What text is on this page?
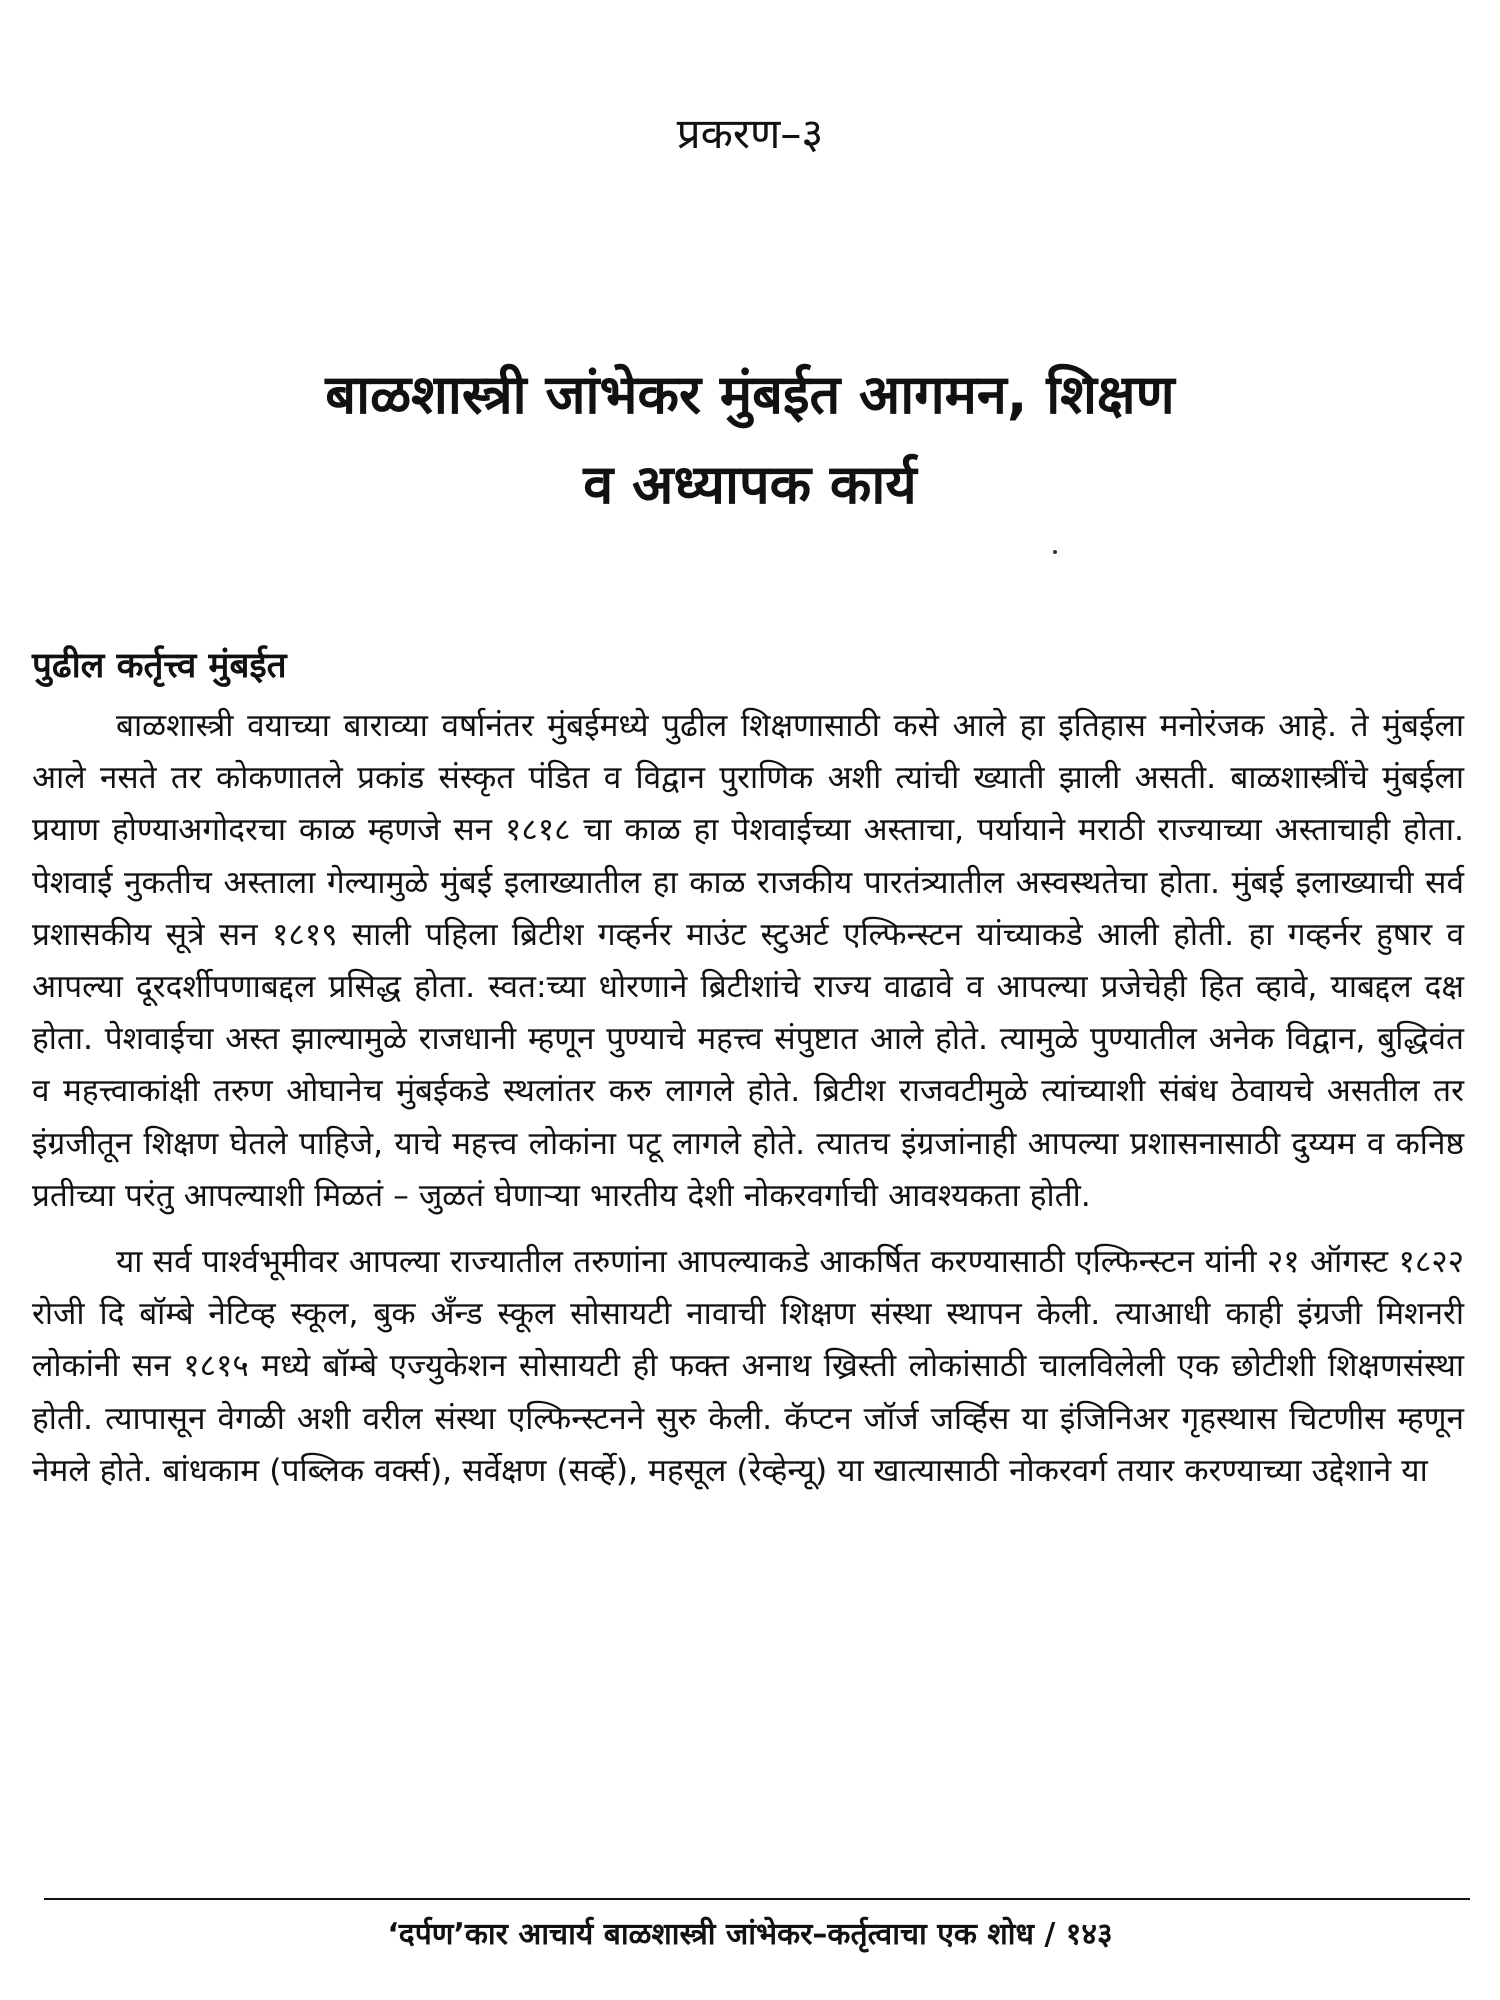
प्रकरण–३
बाळशास्त्री जांभेकर मुंबईत आगमन, शिक्षण
व अध्यापक कार्य
पुढील कर्तृत्त्व मुंबईत

बाळशास्त्री वयाच्या बाराव्या वर्षानंतर मुंबईमध्ये पुढील शिक्षणासाठी कसे आले हा इतिहास मनोरंजक आहे. ते मुंबईला आले नसते तर कोकणातले प्रकांड संस्कृत पंडित व विद्वान पुराणिक अशी त्यांची ख्याती झाली असती. बाळशास्त्रींचे मुंबईला प्रयाण होण्याअगोदरचा काळ म्हणजे सन १८१८ चा काळ हा पेशवाईच्या अस्ताचा, पर्यायाने मराठी राज्याच्या अस्ताचाही होता. पेशवाई नुकतीच अस्ताला गेल्यामुळे मुंबई इलाख्यातील हा काळ राजकीय पारतंत्र्यातील अस्वस्थतेचा होता. मुंबई इलाख्याची सर्व प्रशासकीय सूत्रे सन १८१९ साली पहिला ब्रिटीश गव्हर्नर माउंट स्टुअर्ट एल्फिन्स्टन यांच्याकडे आली होती. हा गव्हर्नर हुषार व आपल्या दूरदर्शीपणाबद्दल प्रसिद्ध होता. स्वत:च्या धोरणाने ब्रिटीशांचे राज्य वाढावे व आपल्या प्रजेचेही हित व्हावे, याबद्दल दक्ष होता. पेशवाईचा अस्त झाल्यामुळे राजधानी म्हणून पुण्याचे महत्त्व संपुष्टात आले होते. त्यामुळे पुण्यातील अनेक विद्वान, बुद्धिवंत व महत्त्वाकांक्षी तरुण ओघानेच मुंबईकडे स्थलांतर करु लागले होते. ब्रिटीश राजवटीमुळे त्यांच्याशी संबंध ठेवायचे असतील तर इंग्रजीतून शिक्षण घेतले पाहिजे, याचे महत्त्व लोकांना पटू लागले होते. त्यातच इंग्रजांनाही आपल्या प्रशासनासाठी दुय्यम व कनिष्ठ प्रतीच्या परंतु आपल्याशी मिळतं – जुळतं घेणाऱ्या भारतीय देशी नोकरवर्गाची आवश्यकता होती.

या सर्व पार्श्वभूमीवर आपल्या राज्यातील तरुणांना आपल्याकडे आकर्षित करण्यासाठी एल्फिन्स्टन यांनी २१ ऑगस्ट १८२२ रोजी दि बॉम्बे नेटिव्ह स्कूल, बुक अँन्ड स्कूल सोसायटी नावाची शिक्षण संस्था स्थापन केली. त्याआधी काही इंग्रजी मिशनरी लोकांनी सन १८१५ मध्ये बॉम्बे एज्युकेशन सोसायटी ही फक्त अनाथ ख्रिस्ती लोकांसाठी चालविलेली एक छोटीशी शिक्षणसंस्था होती. त्यापासून वेगळी अशी वरील संस्था एल्फिन्स्टनने सुरु केली. कॅप्टन जॉर्ज जर्व्हिस या इंजिनिअर गृहस्थास चिटणीस म्हणून नेमले होते. बांधकाम (पब्लिक वर्क्स), सर्वेक्षण (सर्व्हे), महसूल (रेव्हेन्यू) या खात्यासाठी नोकरवर्ग तयार करण्याच्या उद्देशाने या

‘दर्पण’कार आचार्य बाळशास्त्री जांभेकर–कर्तृत्वाचा एक शोध / १४३
